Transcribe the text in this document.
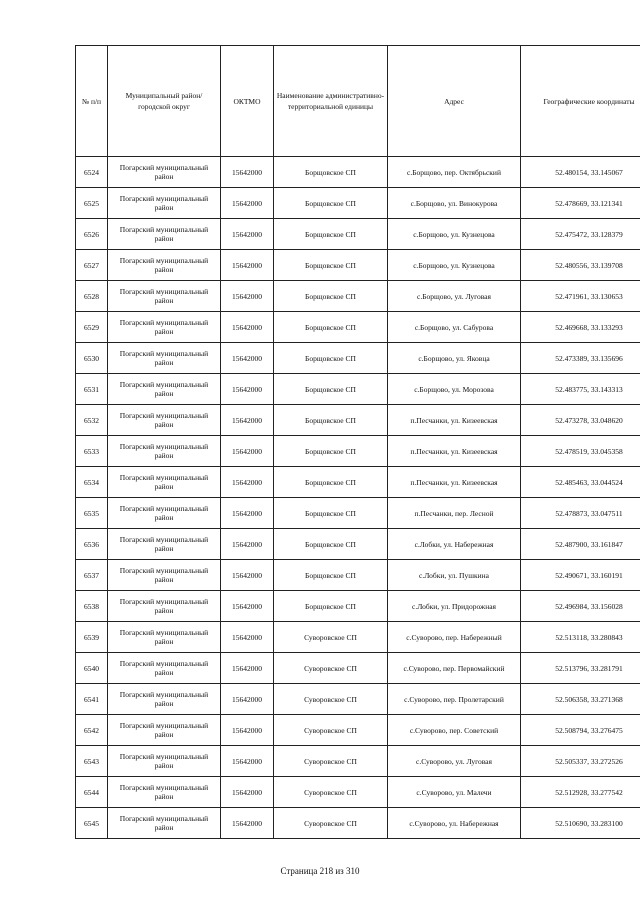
№ п/п	Муниципальный район/городской округ	ОКТМО	Наименование административно-территориальной единицы	Адрес	Географические координаты
6524	Погарский муниципальный район	15642000	Борщовское СП	с.Борщово, пер. Октябрьский	52.480154, 33.145067
6525	Погарский муниципальный район	15642000	Борщовское СП	с.Борщово, ул. Винокурова	52.478669, 33.121341
6526	Погарский муниципальный район	15642000	Борщовское СП	с.Борщово, ул. Кузнецова	52.475472, 33.128379
6527	Погарский муниципальный район	15642000	Борщовское СП	с.Борщово, ул. Кузнецова	52.480556, 33.139708
6528	Погарский муниципальный район	15642000	Борщовское СП	с.Борщово, ул. Луговая	52.471961, 33.130653
6529	Погарский муниципальный район	15642000	Борщовское СП	с.Борщово, ул. Сабурова	52.469668, 33.133293
6530	Погарский муниципальный район	15642000	Борщовское СП	с.Борщово, ул. Яковца	52.473389, 33.135696
6531	Погарский муниципальный район	15642000	Борщовское СП	с.Борщово, ул. Морозова	52.483775, 33.143313
6532	Погарский муниципальный район	15642000	Борщовское СП	п.Песчанки, ул. Кизеевская	52.473278, 33.048620
6533	Погарский муниципальный район	15642000	Борщовское СП	п.Песчанки, ул. Кизеевская	52.478519, 33.045358
6534	Погарский муниципальный район	15642000	Борщовское СП	п.Песчанки, ул. Кизеевская	52.485463, 33.044524
6535	Погарский муниципальный район	15642000	Борщовское СП	п.Песчанки, пер. Лесной	52.478873, 33.047511
6536	Погарский муниципальный район	15642000	Борщовское СП	с.Лобки, ул. Набережная	52.487900, 33.161847
6537	Погарский муниципальный район	15642000	Борщовское СП	с.Лобки, ул. Пушкина	52.490671, 33.160191
6538	Погарский муниципальный район	15642000	Борщовское СП	с.Лобки, ул. Придорожная	52.496984, 33.156028
6539	Погарский муниципальный район	15642000	Суворовское СП	с.Суворово, пер. Набережный	52.513118, 33.280843
6540	Погарский муниципальный район	15642000	Суворовское СП	с.Суворово, пер. Первомайский	52.513796, 33.281791
6541	Погарский муниципальный район	15642000	Суворовское СП	с.Суворово, пер. Пролетарский	52.506358, 33.271368
6542	Погарский муниципальный район	15642000	Суворовское СП	с.Суворово, пер. Советский	52.508794, 33.276475
6543	Погарский муниципальный район	15642000	Суворовское СП	с.Суворово, ул. Луговая	52.505337, 33.272526
6544	Погарский муниципальный район	15642000	Суворовское СП	с.Суворово, ул. Малечи	52.512928, 33.277542
6545	Погарский муниципальный район	15642000	Суворовское СП	с.Суворово, ул. Набережная	52.510690, 33.283100
Страница 218 из 310
